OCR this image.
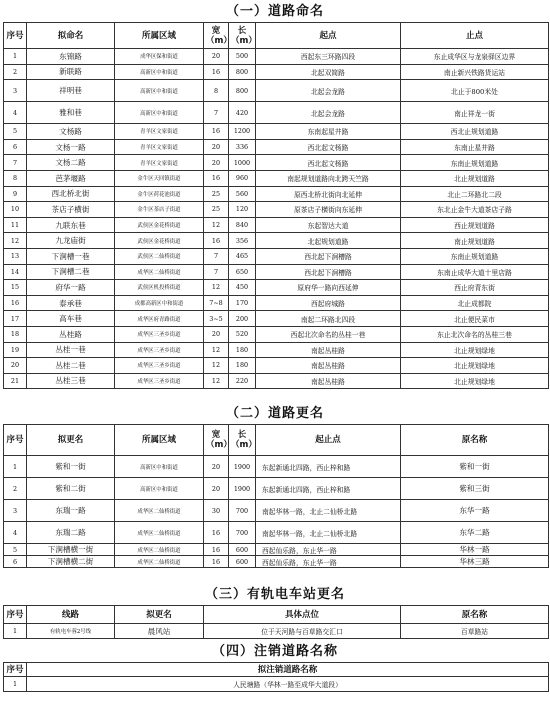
（一）道路命名
序号	拟命名	所属区域	宽（m）	长（m）	起点	止点
1	东锦路	成华区保和街道	20	500	西起东三环路四段	东止成华区与龙泉驿区边界
2	新联路	高新区中和街道	16	800	北起双简路	南止新兴铁路货运站
3	祥明巷	高新区中和街道	8	800	北起会龙路	北止于800米处
4	雅和巷	高新区中和街道	7	420	北起会龙路	南止祥龙一街
5	文杨路	青羊区文家街道	16	1200	东南起星井路	西北止规划道路
6	文杨一路	青羊区文家街道	20	336	西北起文杨路	东南止星井路
7	文杨二路	青羊区文家街道	20	1000	西北起文杨路	东南止规划道路
8	芭茅堰路	金牛区天回镇街道	16	960	南起规划道路向北跨天竺路	北止规划道路
9	西北桥北街	金牛区荷花池街道	25	560	原西北桥北街向北延伸	北止二环路北二段
10	茶店子横街	金牛区茶店子街道	25	120	原茶店子横街向东延伸	东北止金牛大道茶店子路
11	九联东巷	武侯区金花桥街道	12	840	东起智达大道	西止规划道路
12	九龙庙街	武侯区金花桥街道	16	356	北起规划道路	南止规划道路
13	下涧槽一巷	武侯区二仙桥街道	7	465	西北起下涧槽路	东南止规划道路
14	下涧槽二巷	成华区二仙桥街道	7	650	西北起下涧槽路	东南止成华大道十里店路
15	府华一路	武侯区机投桥街道	12	450	原府华一路向西延伸	西止府青东街
16	泰承巷	成都高新区中和街道	7~8	170	西起府城路	北止成都院
17	高车巷	成华区府青路街道	3~5	200	南起二环路北四段	北止便民菜市
18	丛桂路	成华区三圣乡街道	20	520	西起北次命名的丛桂一巷	东止北次命名的丛桂三巷
19	丛桂一巷	成华区三圣乡街道	12	180	南起丛桂路	北止规划绿地
20	丛桂二巷	成华区三圣乡街道	12	180	南起丛桂路	北止规划绿地
21	丛桂三巷	成华区三圣乡街道	12	220	南起丛桂路	北止规划绿地
（二）道路更名
序号	拟更名	所属区域	宽（m）	长（m）	起止点	原名称
1	紫和一街	高新区中和街道	20	1900	东起新通北四路，西止梓和路	紫和一街
2	紫和二街	高新区中和街道	20	1900	东起新通北四路，西止梓和路	紫和三街
3	东瑞一路	成华区二仙桥街道	30	700	南起华林一路，北止二仙桥北路	东华一路
4	东瑞二路	成华区二仙桥街道	16	700	南起华林一路，北止二仙桥北路	东华二路
5	下涧槽横一街	成华区二仙桥街道	16	600	西起仙乐路，东止华一路	华林一路
6	下涧槽横二街	成华区二仙桥街道	16	600	西起仙乐路，东止华一路	华林三路
（三）有轨电车站更名
序号	线路	拟更名	具体点位	原名称
1	有轨电车蓉2号线	晨风站	位于天河路与百草路交汇口	百草路站
（四）注销道路名称
序号	拟注销道路名称
1	人民塘路（华林一路至成华大道段）
